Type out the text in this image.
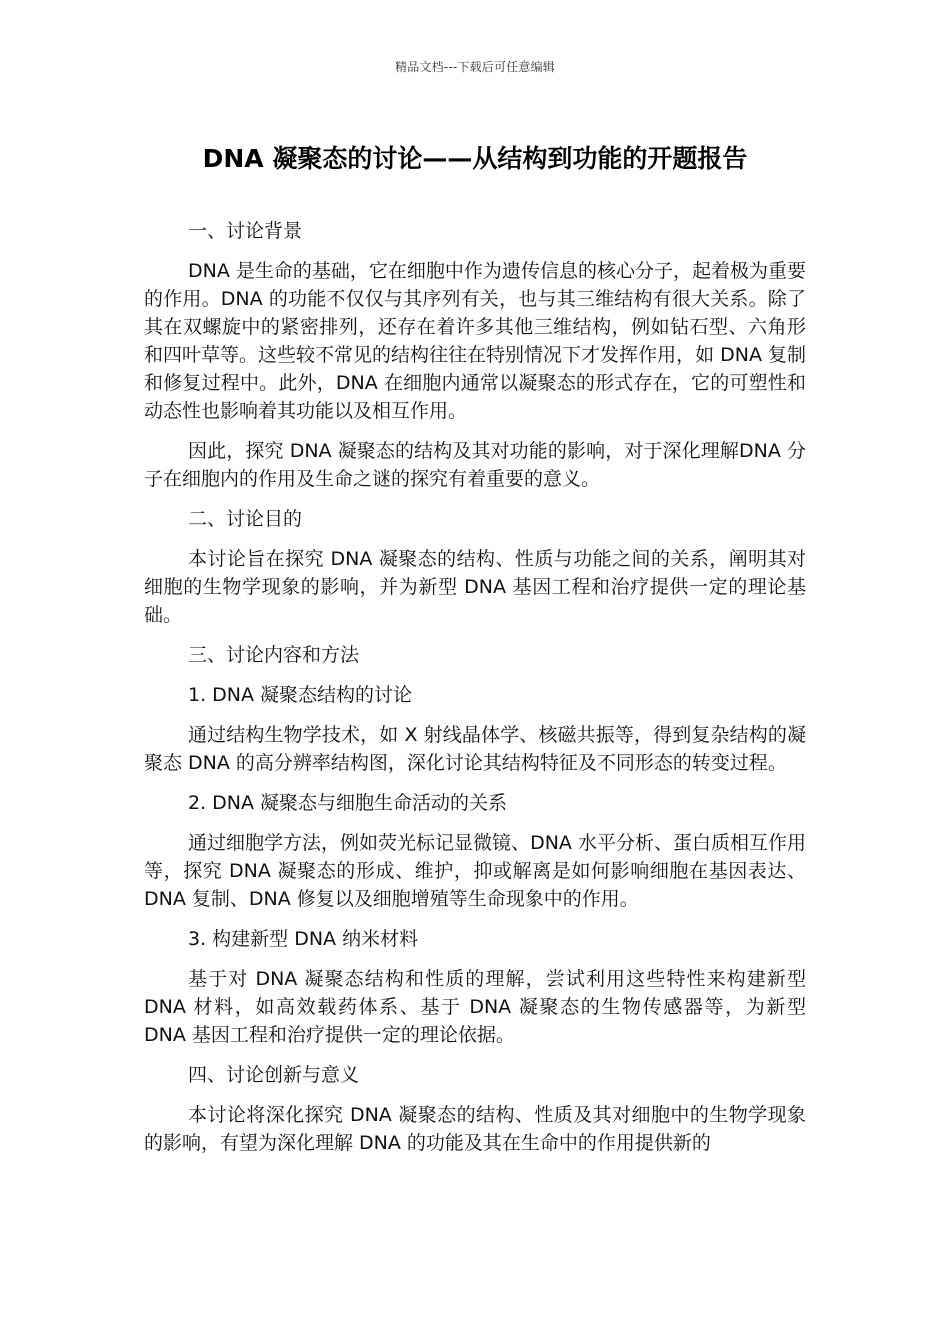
精品文档---下载后可任意编辑
DNA 凝聚态的讨论——从结构到功能的开题报告
一、讨论背景
DNA 是生命的基础，它在细胞中作为遗传信息的核心分子，起着极为重要的作用。DNA 的功能不仅仅与其序列有关，也与其三维结构有很大关系。除了其在双螺旋中的紧密排列，还存在着许多其他三维结构，例如钻石型、六角形和四叶草等。这些较不常见的结构往往在特别情况下才发挥作用，如 DNA 复制和修复过程中。此外，DNA 在细胞内通常以凝聚态的形式存在，它的可塑性和动态性也影响着其功能以及相互作用。
因此，探究 DNA 凝聚态的结构及其对功能的影响，对于深化理解DNA 分子在细胞内的作用及生命之谜的探究有着重要的意义。
二、讨论目的
本讨论旨在探究 DNA 凝聚态的结构、性质与功能之间的关系，阐明其对细胞的生物学现象的影响，并为新型 DNA 基因工程和治疗提供一定的理论基础。
三、讨论内容和方法
1. DNA 凝聚态结构的讨论
通过结构生物学技术，如 X 射线晶体学、核磁共振等，得到复杂结构的凝聚态 DNA 的高分辨率结构图，深化讨论其结构特征及不同形态的转变过程。
2. DNA 凝聚态与细胞生命活动的关系
通过细胞学方法，例如荧光标记显微镜、DNA 水平分析、蛋白质相互作用等，探究 DNA 凝聚态的形成、维护，抑或解离是如何影响细胞在基因表达、DNA 复制、DNA 修复以及细胞增殖等生命现象中的作用。
3. 构建新型 DNA 纳米材料
基于对 DNA 凝聚态结构和性质的理解，尝试利用这些特性来构建新型 DNA 材料，如高效载药体系、基于 DNA 凝聚态的生物传感器等，为新型 DNA 基因工程和治疗提供一定的理论依据。
四、讨论创新与意义
本讨论将深化探究 DNA 凝聚态的结构、性质及其对细胞中的生物学现象的影响，有望为深化理解 DNA 的功能及其在生命中的作用提供新的
